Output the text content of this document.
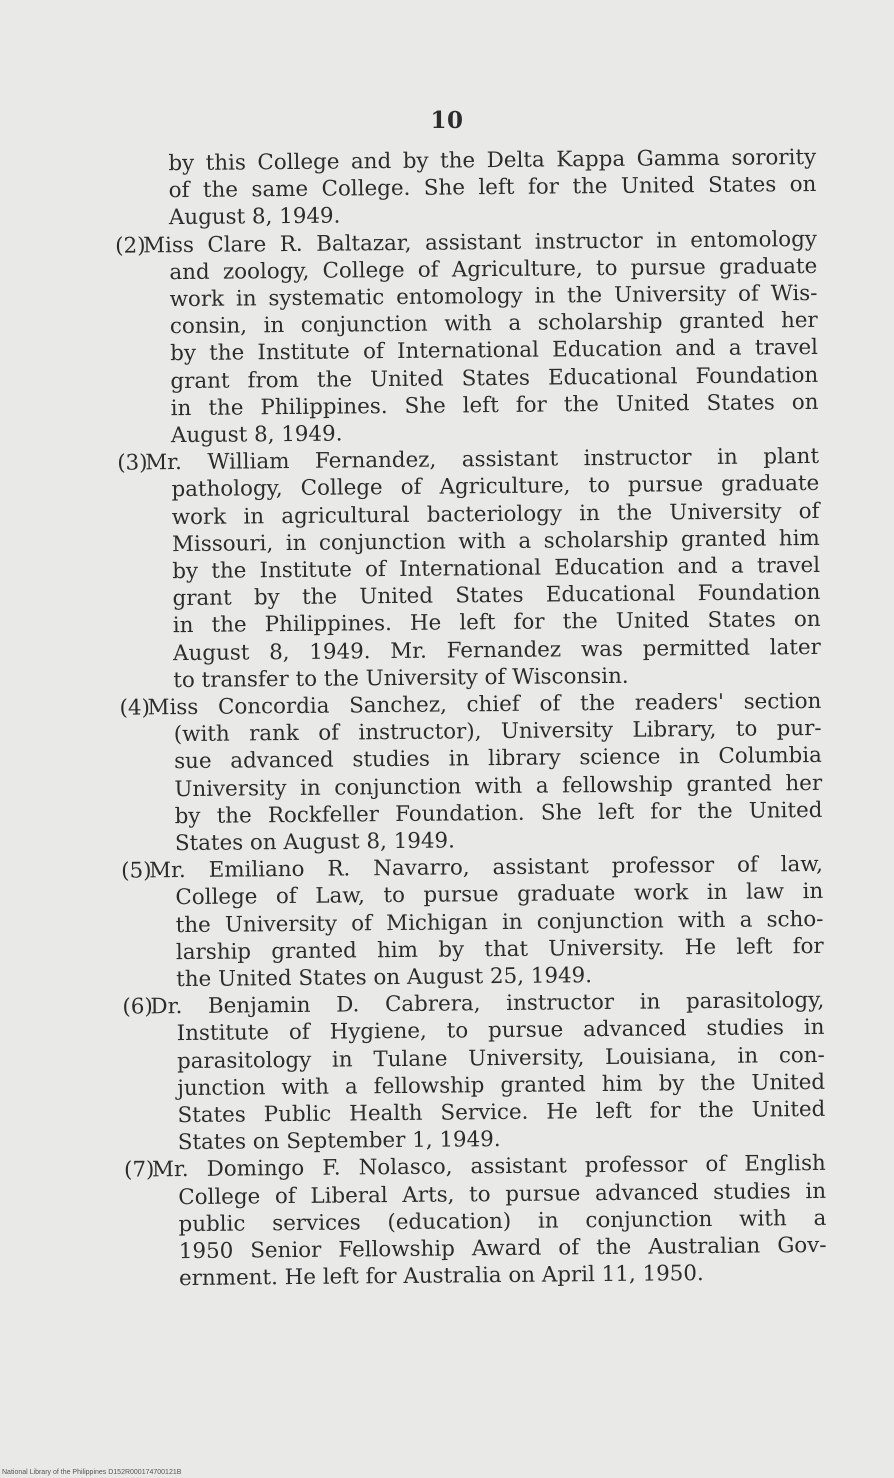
10
by this College and by the Delta Kappa Gamma sorority
of the same College. She left for the United States on
August 8, 1949.
(2)
Miss Clare R. Baltazar, assistant instructor in entomology
and zoology, College of Agriculture, to pursue graduate
work in systematic entomology in the University of Wis-
consin, in conjunction with a scholarship granted her
by the Institute of International Education and a travel
grant from the United States Educational Foundation
in the Philippines. She left for the United States on
August 8, 1949.
(3)
Mr. William Fernandez, assistant instructor in plant
pathology, College of Agriculture, to pursue graduate
work in agricultural bacteriology in the University of
Missouri, in conjunction with a scholarship granted him
by the Institute of International Education and a travel
grant by the United States Educational Foundation
in the Philippines. He left for the United States on
August 8, 1949. Mr. Fernandez was permitted later
to transfer to the University of Wisconsin.
(4)
Miss Concordia Sanchez, chief of the readers' section
(with rank of instructor), University Library, to pur-
sue advanced studies in library science in Columbia
University in conjunction with a fellowship granted her
by the Rockfeller Foundation. She left for the United
States on August 8, 1949.
(5)
Mr. Emiliano R. Navarro, assistant professor of law,
College of Law, to pursue graduate work in law in
the University of Michigan in conjunction with a scho-
larship granted him by that University. He left for
the United States on August 25, 1949.
(6)
Dr. Benjamin D. Cabrera, instructor in parasitology,
Institute of Hygiene, to pursue advanced studies in
parasitology in Tulane University, Louisiana, in con-
junction with a fellowship granted him by the United
States Public Health Service. He left for the United
States on September 1, 1949.
(7)
Mr. Domingo F. Nolasco, assistant professor of English
College of Liberal Arts, to pursue advanced studies in
public services (education) in conjunction with a
1950 Senior Fellowship Award of the Australian Gov-
ernment. He left for Australia on April 11, 1950.
National Library of the Philippines D152R000174700121B
